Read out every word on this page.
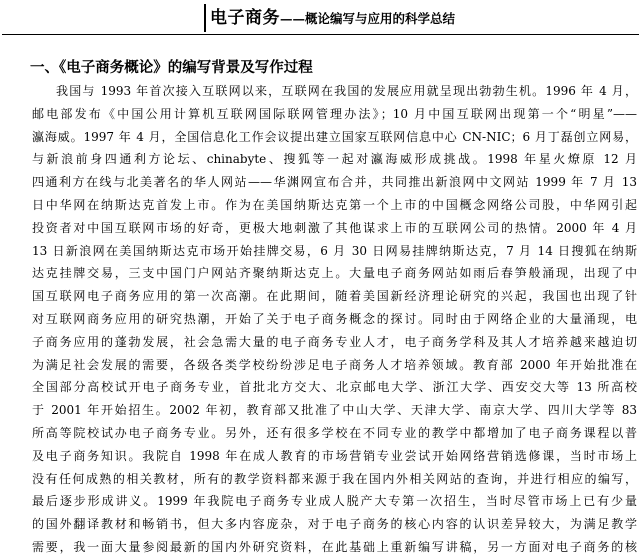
电子商务——概论编写与应用的科学总结
一、《电子商务概论》的编写背景及写作过程
我国与 1993 年首次接入互联网以来，互联网在我国的发展应用就呈现出勃勃生机。1996 年 4 月，
邮电部发布《中国公用计算机互联网国际联网管理办法》；10 月中国互联网出现第一个“明星”——
瀛海威。1997 年 4 月，全国信息化工作会议提出建立国家互联网信息中心 CN-NIC；6 月丁磊创立网易，
与新浪前身四通利方论坛、chinabyte、搜狐等一起对瀛海威形成挑战。1998 年星火燎原 12 月
四通利方在线与北美著名的华人网站——华渊网宣布合并，共同推出新浪网中文网站 1999 年 7 月 13
日中华网在纳斯达克首发上市。作为在美国纳斯达克第一个上市的中国概念网络公司股，中华网引起
投资者对中国互联网市场的好奇，更极大地刺激了其他谋求上市的互联网公司的热情。2000 年 4 月
13 日新浪网在美国纳斯达克市场开始挂牌交易，6 月 30 日网易挂牌纳斯达克，7 月 14 日搜狐在纳斯
达克挂牌交易，三支中国门户网站齐聚纳斯达克上。大量电子商务网站如雨后春笋般涌现，出现了中
国互联网电子商务应用的第一次高潮。在此期间，随着美国新经济理论研究的兴起，我国也出现了针
对互联网商务应用的研究热潮，开始了关于电子商务概念的探讨。同时由于网络企业的大量涌现，电
子商务应用的蓬勃发展，社会急需大量的电子商务专业人才，电子商务学科及其人才培养越来越迫切
为满足社会发展的需要，各级各类学校纷纷涉足电子商务人才培养领域。教育部 2000 年开始批准在
全国部分高校试开电子商务专业，首批北方交大、北京邮电大学、浙江大学、西安交大等 13 所高校
于 2001 年开始招生。2002 年初，教育部又批准了中山大学、天津大学、南京大学、四川大学等 83
所高等院校试办电子商务专业。另外，还有很多学校在不同专业的教学中都增加了电子商务课程以普
及电子商务知识。我院自 1998 年在成人教育的市场营销专业尝试开始网络营销选修课，当时市场上
没有任何成熟的相关教材，所有的教学资料都来源于我在国内外相关网站的查询，并进行相应的编写，
最后逐步形成讲义。1999 年我院电子商务专业成人脱产大专第一次招生，当时尽管市场上已有少量
的国外翻译教材和畅销书，但大多内容庞杂，对于电子商务的核心内容的认识差异较大，为满足教学
需要，我一面大量参阅最新的国内外研究资料，在此基础上重新编写讲稿，另一方面对电子商务的核
